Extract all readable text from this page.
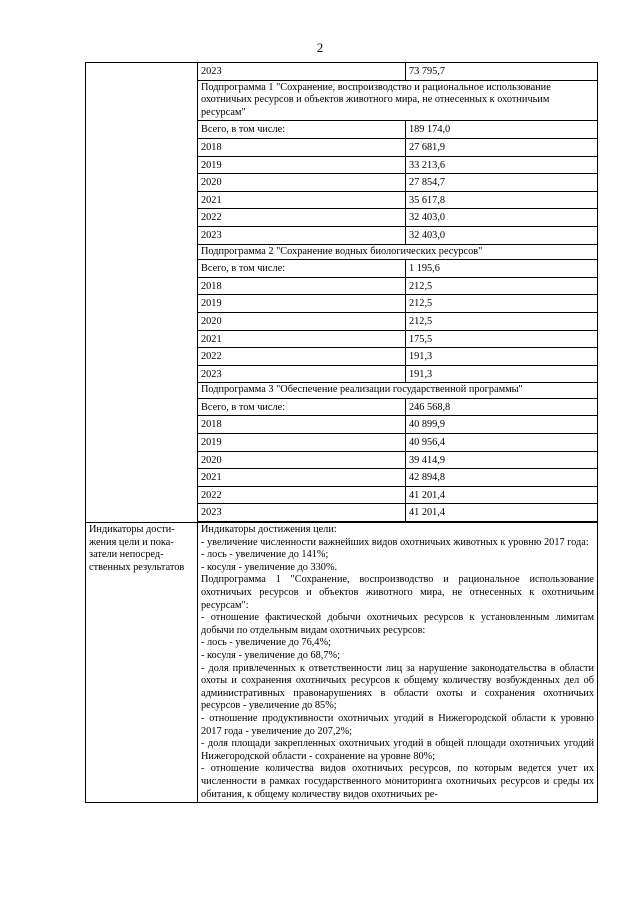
2

2023	73 795,7
Подпрограмма 1 "Сохранение, воспроизводство и рациональное использование охотничьих ресурсов и объектов животного мира, не отнесенных к охотничьим ресурсам"
Всего, в том числе:	189 174,0
2018	27 681,9
2019	33 213,6
2020	27 854,7
2021	35 617,8
2022	32 403,0
2023	32 403,0
Подпрограмма 2 "Сохранение водных биологических ресурсов"
Всего, в том числе:	1 195,6
2018	212,5
2019	212,5
2020	212,5
2021	175,5
2022	191,3
2023	191,3
Подпрограмма 3 "Обеспечение реализации государственной программы"
Всего, в том числе:	246 568,8
2018	40 899,9
2019	40 956,4
2020	39 414,9
2021	42 894,8
2022	41 201,4
2023	41 201,4

Индикаторы достижения цели и показатели непосредственных результатов	

Индикаторы достижения цели:

- увеличение численности важнейших видов охотничьих животных к уровню 2017 года:

- лось - увеличение до 141%;

- косуля - увеличение до 330%.

Подпрограмма 1 "Сохранение, воспроизводство и рациональное использование охотничьих ресурсов и объектов животного мира, не отнесенных к охотничьим ресурсам":

- отношение фактической добычи охотничьих ресурсов к установленным лимитам добычи по отдельным видам охотничьих ресурсов:

- лось - увеличение до 76,4%;

- косуля - увеличение до 68,7%;

- доля привлеченных к ответственности лиц за нарушение законодательства в области охоты и сохранения охотничьих ресурсов к общему количеству возбужденных дел об административных правонарушениях в области охоты и сохранения охотничьих ресурсов - увеличение до 85%;

- отношение продуктивности охотничьих угодий в Нижегородской области к уровню 2017 года - увеличение до 207,2%;

- доля площади закрепленных охотничьих угодий в общей площади охотничьих угодий Нижегородской области - сохранение на уровне 80%;

- отношение количества видов охотничьих ресурсов, по которым ведется учет их численности в рамках государственного мониторинга охотничьих ресурсов и среды их обитания, к общему количеству видов охотничьих ре-
